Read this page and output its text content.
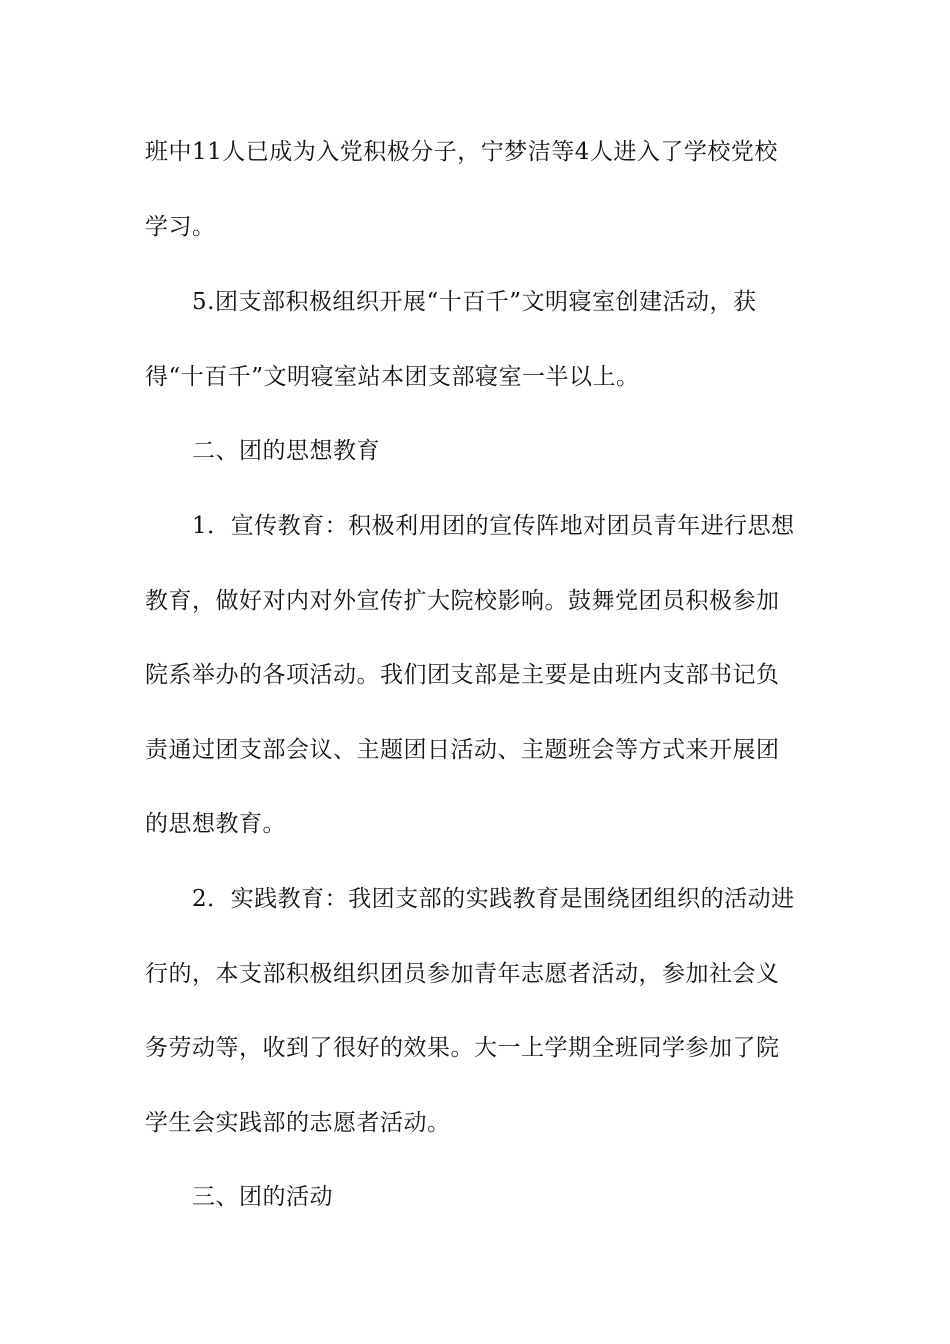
班中11人已成为入党积极分子，宁梦洁等4人进入了学校党校
学习。
5.团支部积极组织开展“十百千”文明寝室创建活动，获
得“十百千”文明寝室站本团支部寝室一半以上。
二、团的思想教育
1．宣传教育：积极利用团的宣传阵地对团员青年进行思想
教育，做好对内对外宣传扩大院校影响。鼓舞党团员积极参加
院系举办的各项活动。我们团支部是主要是由班内支部书记负
责通过团支部会议、主题团日活动、主题班会等方式来开展团
的思想教育。
2．实践教育：我团支部的实践教育是围绕团组织的活动进
行的，本支部积极组织团员参加青年志愿者活动，参加社会义
务劳动等，收到了很好的效果。大一上学期全班同学参加了院
学生会实践部的志愿者活动。
三、团的活动
